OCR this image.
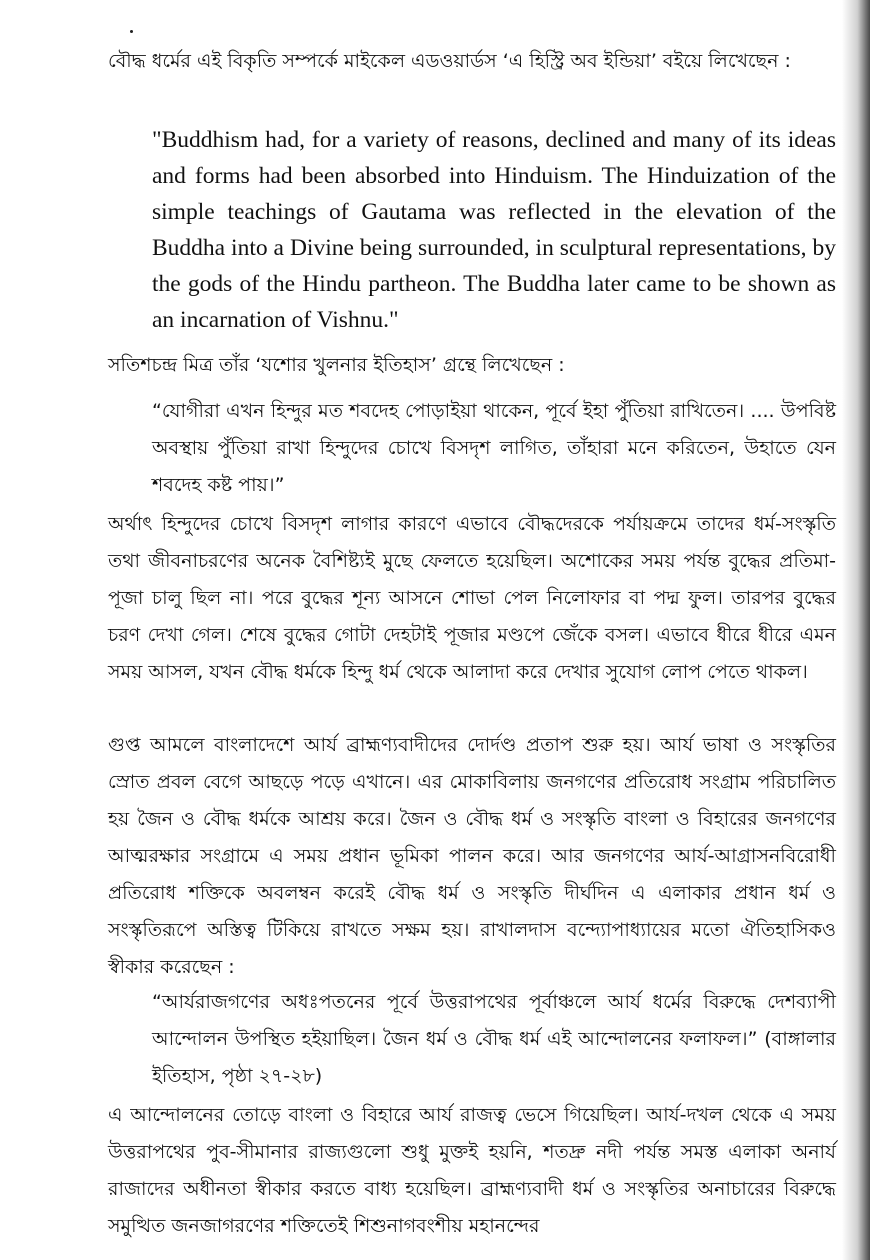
বৌদ্ধ ধর্মের এই বিকৃতি সম্পর্কে মাইকেল এডওয়ার্ডস ‘এ হিস্ট্রি অব ইন্ডিয়া’ বইয়ে লিখেছেন :

"Buddhism had, for a variety of reasons, declined and many of its ideas and forms had been absorbed into Hinduism. The Hinduization of the simple teachings of Gautama was reflected in the elevation of the Buddha into a Divine being surrounded, in sculptural representations, by the gods of the Hindu partheon. The Buddha later came to be shown as an incarnation of Vishnu."

সতিশচন্দ্র মিত্র তাঁর ‘যশোর খুলনার ইতিহাস’ গ্রন্থে লিখেছেন :

“যোগীরা এখন হিন্দুর মত শবদেহ পোড়াইয়া থাকেন, পূর্বে ইহা পুঁতিয়া রাখিতেন। .... উপবিষ্ট অবস্থায় পুঁতিয়া রাখা হিন্দুদের চোখে বিসদৃশ লাগিত, তাঁহারা মনে করিতেন, উহাতে যেন শবদেহ কষ্ট পায়।”

অর্থাৎ হিন্দুদের চোখে বিসদৃশ লাগার কারণে এভাবে বৌদ্ধদেরকে পর্যায়ক্রমে তাদের ধর্ম-সংস্কৃতি তথা জীবনাচরণের অনেক বৈশিষ্ট্যই মুছে ফেলতে হয়েছিল। অশোকের সময় পর্যন্ত বুদ্ধের প্রতিমা-পূজা চালু ছিল না। পরে বুদ্ধের শূন্য আসনে শোভা পেল নিলোফার বা পদ্ম ফুল। তারপর বুদ্ধের চরণ দেখা গেল। শেষে বুদ্ধের গোটা দেহটাই পূজার মণ্ডপে জেঁকে বসল। এভাবে ধীরে ধীরে এমন সময় আসল, যখন বৌদ্ধ ধর্মকে হিন্দু ধর্ম থেকে আলাদা করে দেখার সুযোগ লোপ পেতে থাকল।

গুপ্ত আমলে বাংলাদেশে আর্য ব্রাহ্মণ্যবাদীদের দোর্দণ্ড প্রতাপ শুরু হয়। আর্য ভাষা ও সংস্কৃতির স্রোত প্রবল বেগে আছড়ে পড়ে এখানে। এর মোকাবিলায় জনগণের প্রতিরোধ সংগ্রাম পরিচালিত হয় জৈন ও বৌদ্ধ ধর্মকে আশ্রয় করে। জৈন ও বৌদ্ধ ধর্ম ও সংস্কৃতি বাংলা ও বিহারের জনগণের আত্মরক্ষার সংগ্রামে এ সময় প্রধান ভূমিকা পালন করে। আর জনগণের আর্য-আগ্রাসনবিরোধী প্রতিরোধ শক্তিকে অবলম্বন করেই বৌদ্ধ ধর্ম ও সংস্কৃতি দীর্ঘদিন এ এলাকার প্রধান ধর্ম ও সংস্কৃতিরূপে অস্তিত্ব টিকিয়ে রাখতে সক্ষম হয়। রাখালদাস বন্দ্যোপাধ্যায়ের মতো ঐতিহাসিকও স্বীকার করেছেন :

“আর্যরাজগণের অধঃপতনের পূর্বে উত্তরাপথের পূর্বাঞ্চলে আর্য ধর্মের বিরুদ্ধে দেশব্যাপী আন্দোলন উপস্থিত হইয়াছিল। জৈন ধর্ম ও বৌদ্ধ ধর্ম এই আন্দোলনের ফলাফল।” (বাঙ্গালার ইতিহাস, পৃষ্ঠা ২৭-২৮)

এ আন্দোলনের তোড়ে বাংলা ও বিহারে আর্য রাজত্ব ভেসে গিয়েছিল। আর্য-দখল থেকে এ সময় উত্তরাপথের পুব-সীমানার রাজ্যগুলো শুধু মুক্তই হয়নি, শতদ্রু নদী পর্যন্ত সমস্ত এলাকা অনার্য রাজাদের অধীনতা স্বীকার করতে বাধ্য হয়েছিল। ব্রাহ্মণ্যবাদী ধর্ম ও সংস্কৃতির অনাচারের বিরুদ্ধে সমুত্থিত জনজাগরণের শক্তিতেই শিশুনাগবংশীয় মহানন্দের
